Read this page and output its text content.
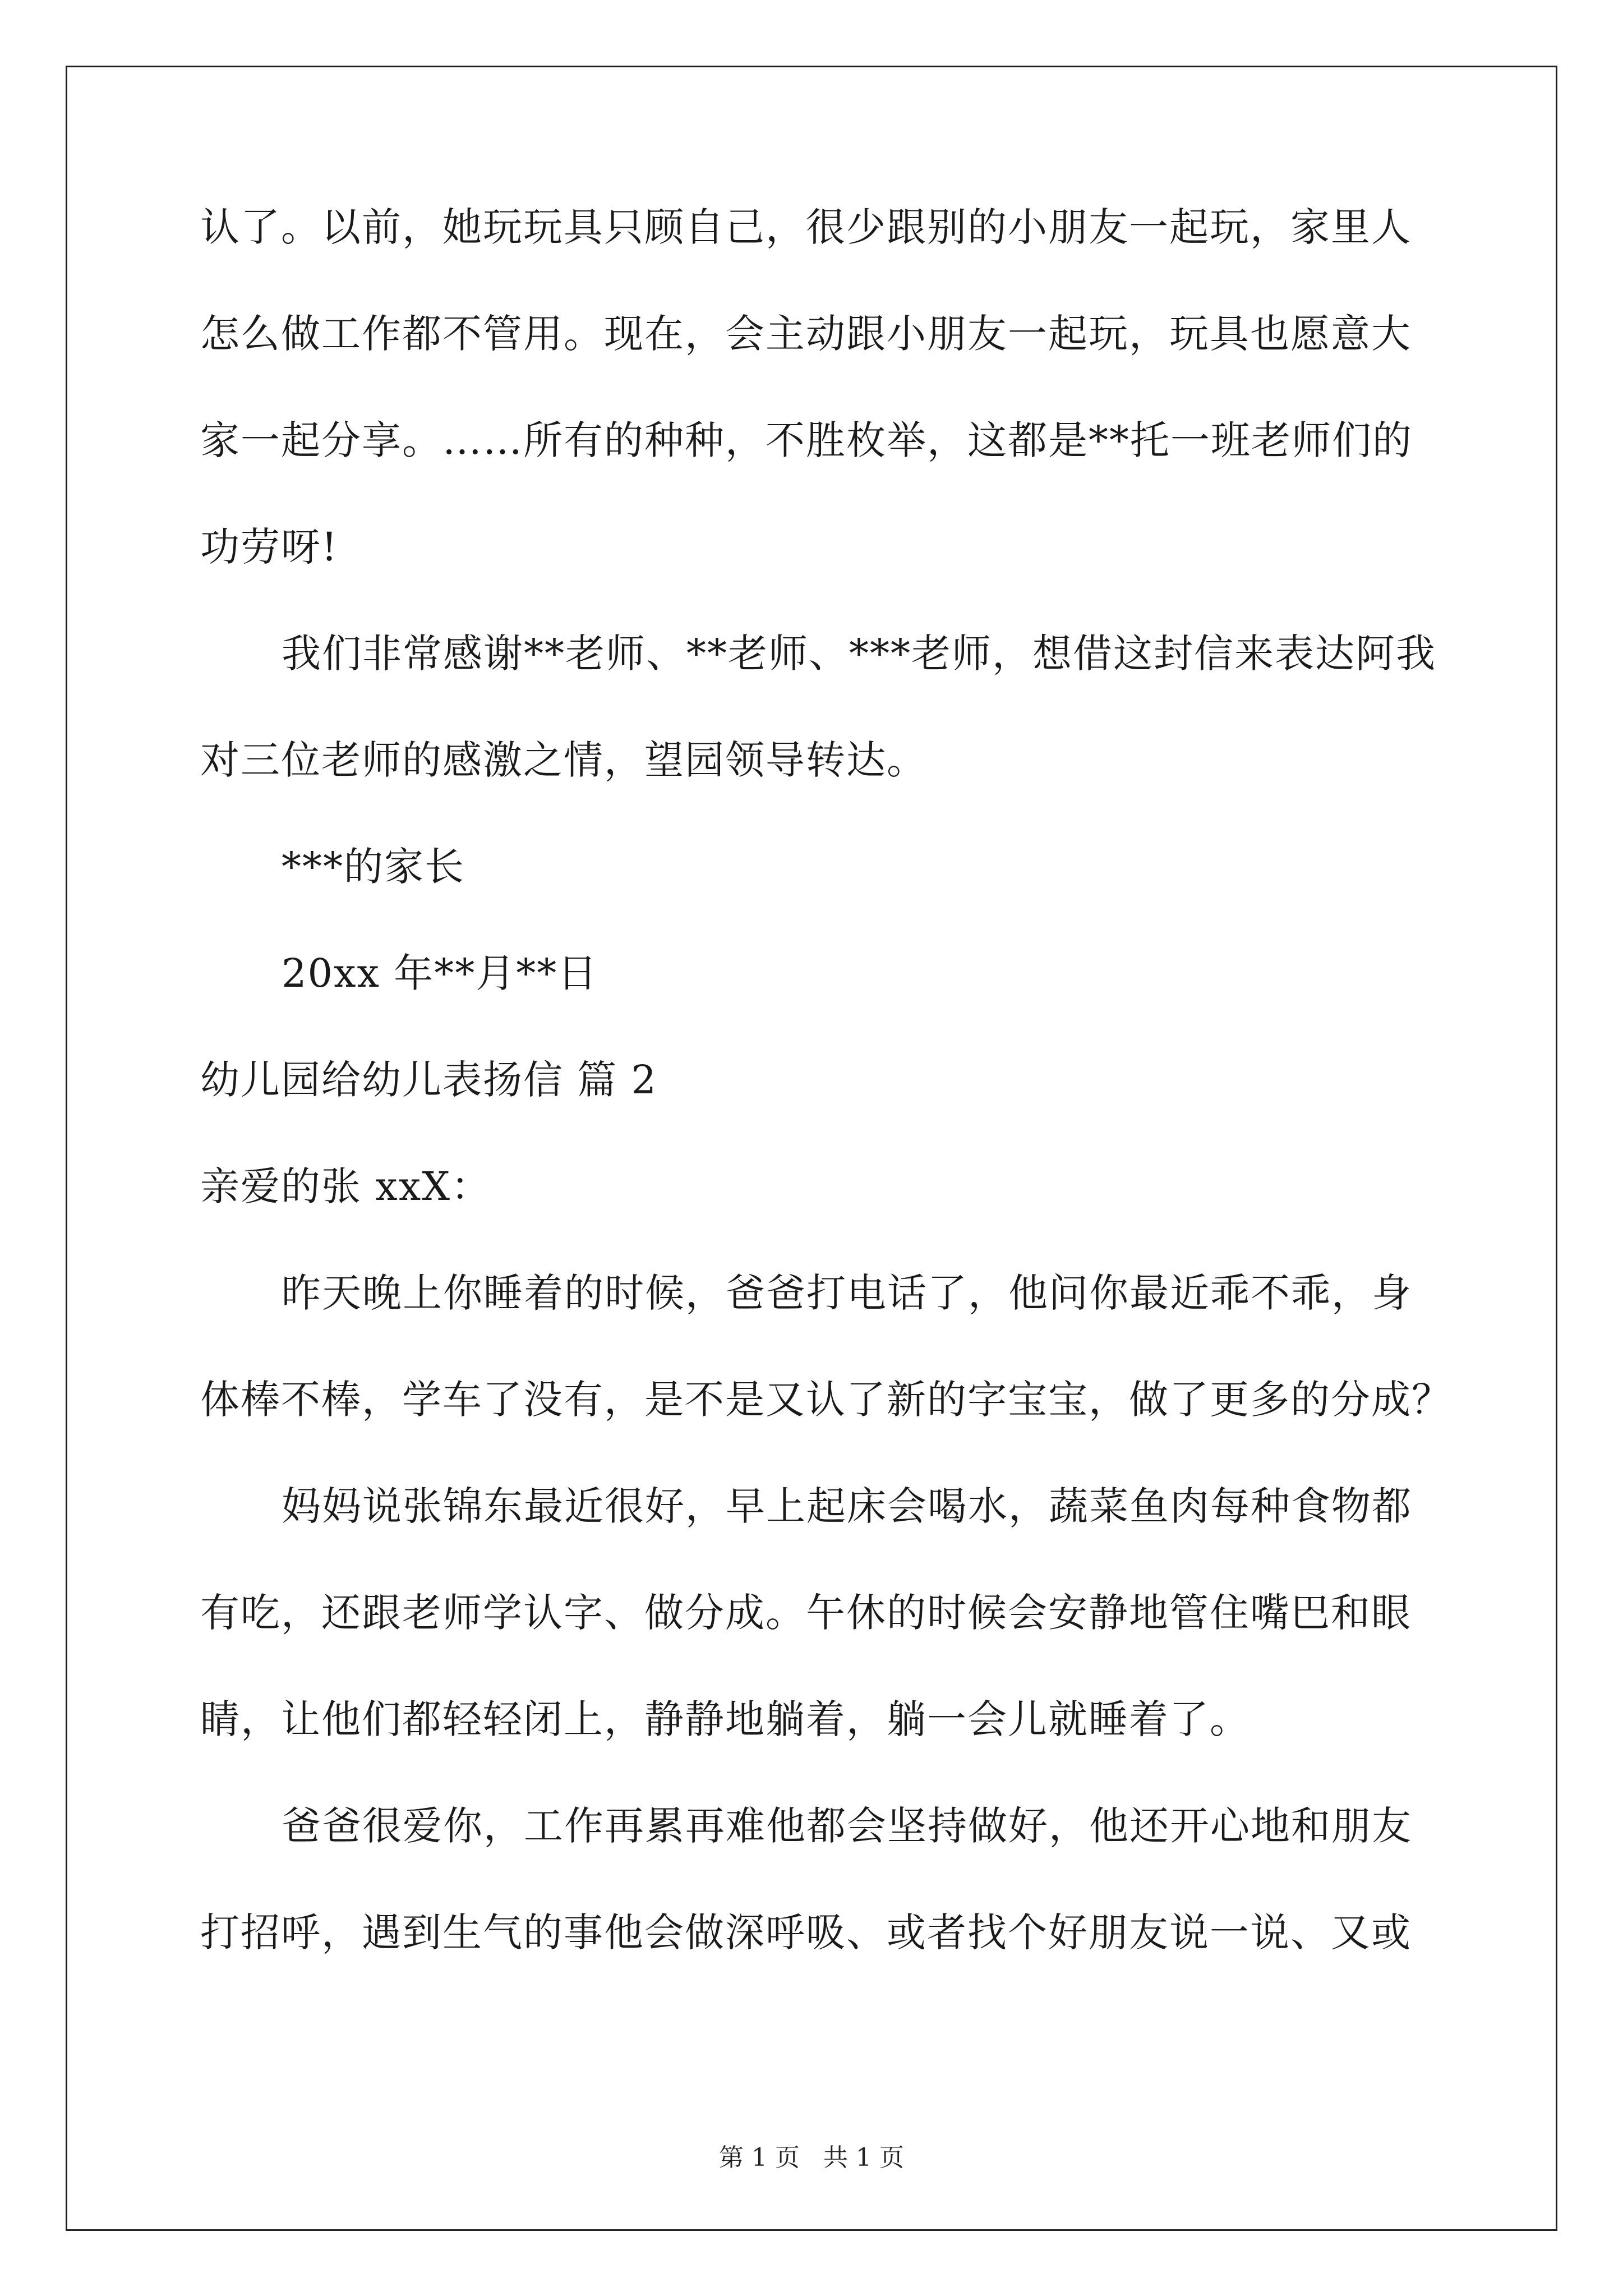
认了。以前，她玩玩具只顾自己，很少跟别的小朋友一起玩，家里人
怎么做工作都不管用。现在，会主动跟小朋友一起玩，玩具也愿意大
家一起分享。……所有的种种，不胜枚举，这都是**托一班老师们的
功劳呀!
我们非常感谢**老师、**老师、***老师，想借这封信来表达阿我
对三位老师的感激之情，望园领导转达。
***的家长
20xx 年**月**日
幼儿园给幼儿表扬信 篇 2
亲爱的张 xxX：
昨天晚上你睡着的时候，爸爸打电话了，他问你最近乖不乖，身
体棒不棒，学车了没有，是不是又认了新的字宝宝，做了更多的分成？
妈妈说张锦东最近很好，早上起床会喝水，蔬菜鱼肉每种食物都
有吃，还跟老师学认字、做分成。午休的时候会安静地管住嘴巴和眼
睛，让他们都轻轻闭上，静静地躺着，躺一会儿就睡着了。
爸爸很爱你，工作再累再难他都会坚持做好，他还开心地和朋友
打招呼，遇到生气的事他会做深呼吸、或者找个好朋友说一说、又或
第 1 页   共 1 页
